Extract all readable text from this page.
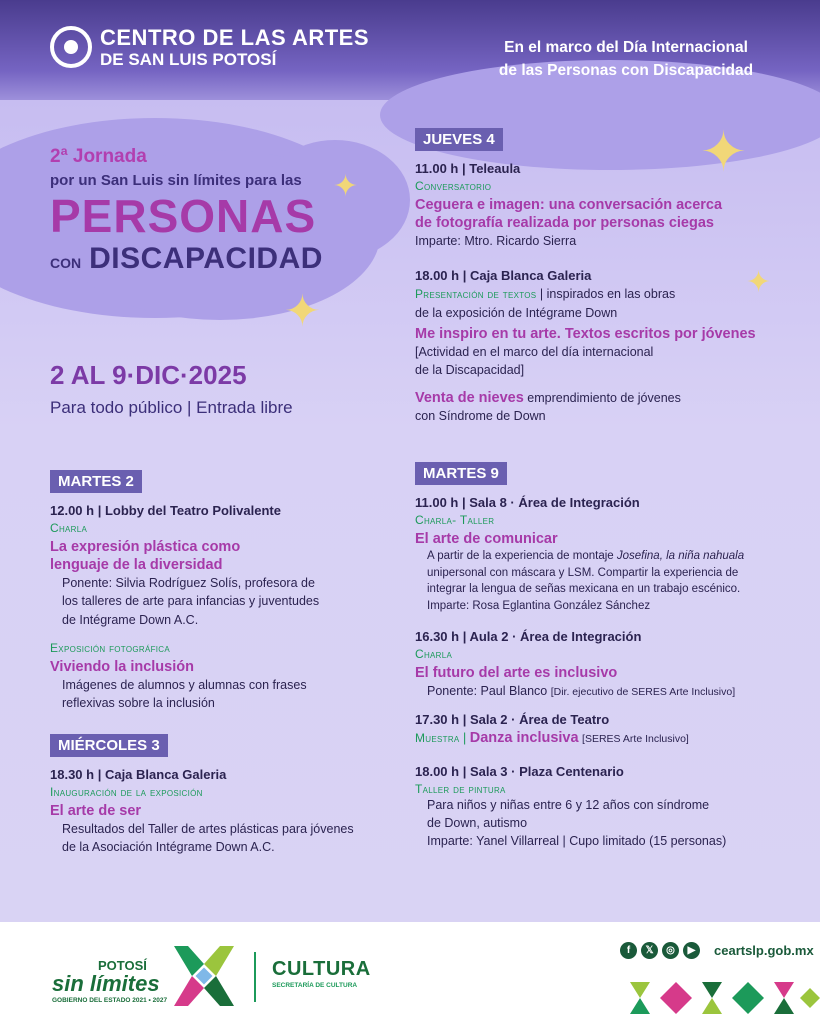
CENTRO DE LAS ARTES
DE SAN LUIS POTOSÍ
En el marco del Día Internacional
de las Personas con Discapacidad
2ª Jornada
por un San Luis sin límites para las
PERSONAS
CON DISCAPACIDAD
✦
✦
✦
✦
2 AL 9·DIC·2025
Para todo público | Entrada libre
MARTES 2
12.00 h | Lobby del Teatro Polivalente
Charla
La expresión plástica como
lenguaje de la diversidad
Ponente: Silvia Rodríguez Solís, profesora de
los talleres de arte para infancias y juventudes
de Intégrame Down A.C.
Exposición fotográfica
Viviendo la inclusión
Imágenes de alumnos y alumnas con frases
reflexivas sobre la inclusión
MIÉRCOLES 3
18.30 h | Caja Blanca Galeria
Inauguración de la exposición
El arte de ser
Resultados del Taller de artes plásticas para jóvenes
de la Asociación Intégrame Down A.C.
JUEVES 4
11.00 h | Teleaula
Conversatorio
Ceguera e imagen: una conversación acerca
de fotografía realizada por personas ciegas
Imparte: Mtro. Ricardo Sierra
18.00 h | Caja Blanca Galeria
Presentación de textos | inspirados en las obras
de la exposición de Intégrame Down
Me inspiro en tu arte. Textos escritos por jóvenes
[Actividad en el marco del día internacional
de la Discapacidad]
Venta de nieves emprendimiento de jóvenes
con Síndrome de Down
MARTES 9
11.00 h | Sala 8 · Área de Integración
Charla- Taller
El arte de comunicar
A partir de la experiencia de montaje Josefina, la niña nahuala
unipersonal con máscara y LSM. Compartir la experiencia de
integrar la lengua de señas mexicana en un trabajo escénico.
Imparte: Rosa Eglantina González Sánchez
16.30 h | Aula 2 · Área de Integración
Charla
El futuro del arte es inclusivo
Ponente: Paul Blanco [Dir. ejecutivo de SERES Arte Inclusivo]
17.30 h | Sala 2 · Área de Teatro
Muestra | Danza inclusiva [SERES Arte Inclusivo]
18.00 h | Sala 3 · Plaza Centenario
Taller de pintura
Para niños y niñas entre 6 y 12 años con síndrome
de Down, autismo
Imparte: Yanel Villarreal | Cupo limitado (15 personas)
POTOSÍ
sin límites
GOBIERNO DEL ESTADO 2021 • 2027
CULTURA
SECRETARÍA DE CULTURA
f	𝕏	◎	▶	ceartslp.gob.mx
